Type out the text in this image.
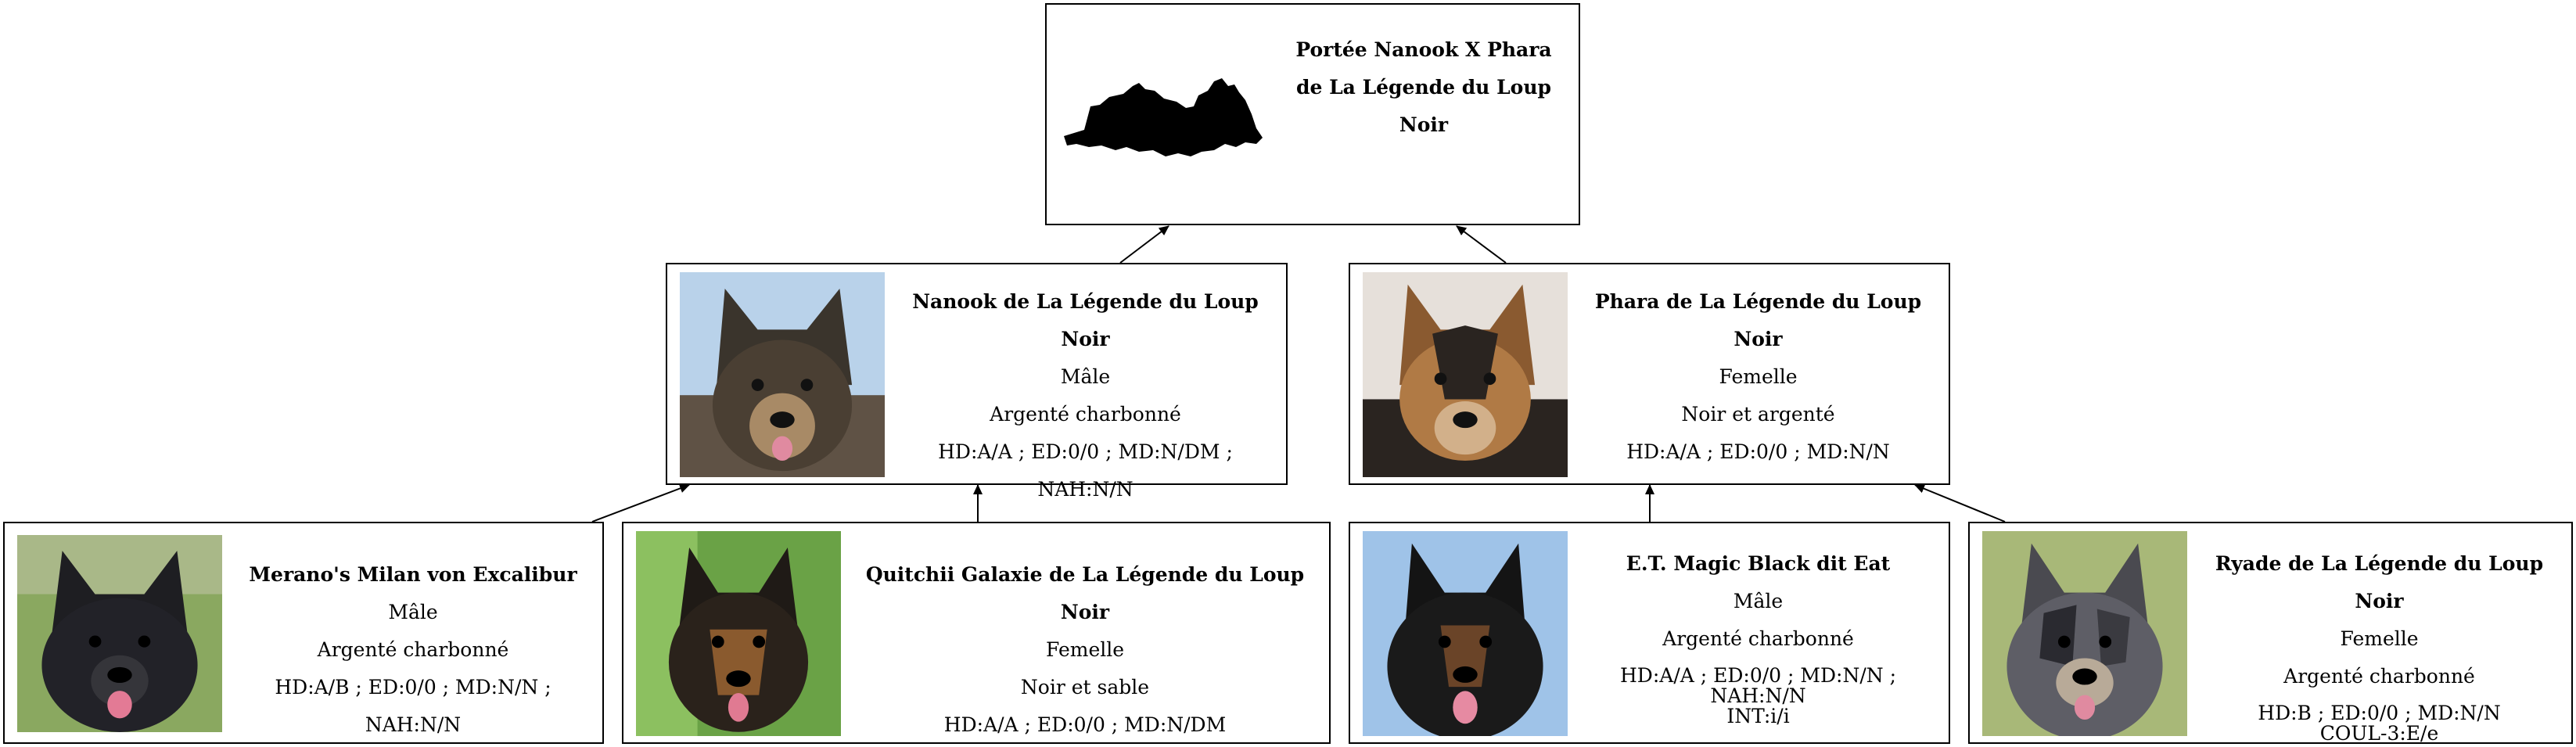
Portée Nanook X Phara
de La Légende du Loup Noir
Nanook de La Légende du Loup Noir
Mâle
Argenté charbonné
HD:A/A ; ED:0/0 ; MD:N/DM ; NAH:N/N
Phara de La Légende du Loup Noir
Femelle
Noir et argenté
HD:A/A ; ED:0/0 ; MD:N/N
Merano's Milan von Excalibur
Mâle
Argenté charbonné
HD:A/B ; ED:0/0 ; MD:N/N ; NAH:N/N
Quitchii Galaxie de La Légende du Loup Noir
Femelle
Noir et sable
HD:A/A ; ED:0/0 ; MD:N/DM
E.T. Magic Black dit Eat
Mâle
Argenté charbonné
HD:A/A ; ED:0/0 ; MD:N/N ; NAH:N/N
INT:i/i
Ryade de La Légende du Loup Noir
Femelle
Argenté charbonné
HD:B ; ED:0/0 ; MD:N/N
COUL-3:E/e
